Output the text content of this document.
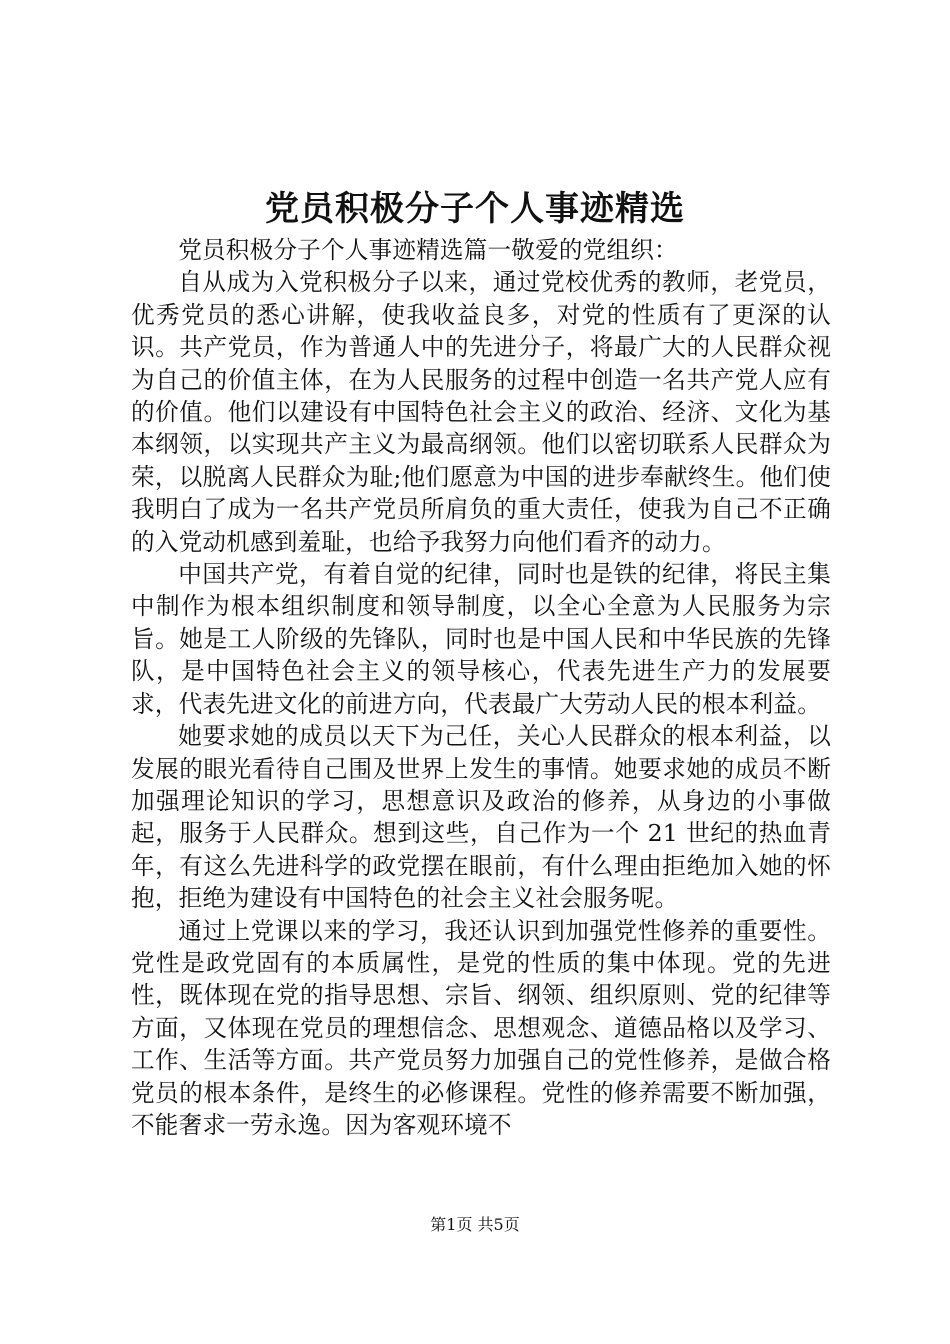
党员积极分子个人事迹精选

党员积极分子个人事迹精选篇一敬爱的党组织：

自从成为入党积极分子以来，通过党校优秀的教师，老党员，优秀党员的悉心讲解，使我收益良多，对党的性质有了更深的认识。共产党员，作为普通人中的先进分子，将最广大的人民群众视为自己的价值主体，在为人民服务的过程中创造一名共产党人应有的价值。他们以建设有中国特色社会主义的政治、经济、文化为基本纲领，以实现共产主义为最高纲领。他们以密切联系人民群众为荣，以脱离人民群众为耻;他们愿意为中国的进步奉献终生。他们使我明白了成为一名共产党员所肩负的重大责任，使我为自己不正确的入党动机感到羞耻，也给予我努力向他们看齐的动力。

中国共产党，有着自觉的纪律，同时也是铁的纪律，将民主集中制作为根本组织制度和领导制度，以全心全意为人民服务为宗旨。她是工人阶级的先锋队，同时也是中国人民和中华民族的先锋队，是中国特色社会主义的领导核心，代表先进生产力的发展要求，代表先进文化的前进方向，代表最广大劳动人民的根本利益。

她要求她的成员以天下为己任，关心人民群众的根本利益，以发展的眼光看待自己围及世界上发生的事情。她要求她的成员不断加强理论知识的学习，思想意识及政治的修养，从身边的小事做起，服务于人民群众。想到这些，自己作为一个 21 世纪的热血青年，有这么先进科学的政党摆在眼前，有什么理由拒绝加入她的怀抱，拒绝为建设有中国特色的社会主义社会服务呢。

通过上党课以来的学习，我还认识到加强党性修养的重要性。党性是政党固有的本质属性，是党的性质的集中体现。党的先进性，既体现在党的指导思想、宗旨、纲领、组织原则、党的纪律等方面，又体现在党员的理想信念、思想观念、道德品格以及学习、工作、生活等方面。共产党员努力加强自己的党性修养，是做合格党员的根本条件，是终生的必修课程。党性的修养需要不断加强，不能奢求一劳永逸。因为客观环境不

第1页 共5页
